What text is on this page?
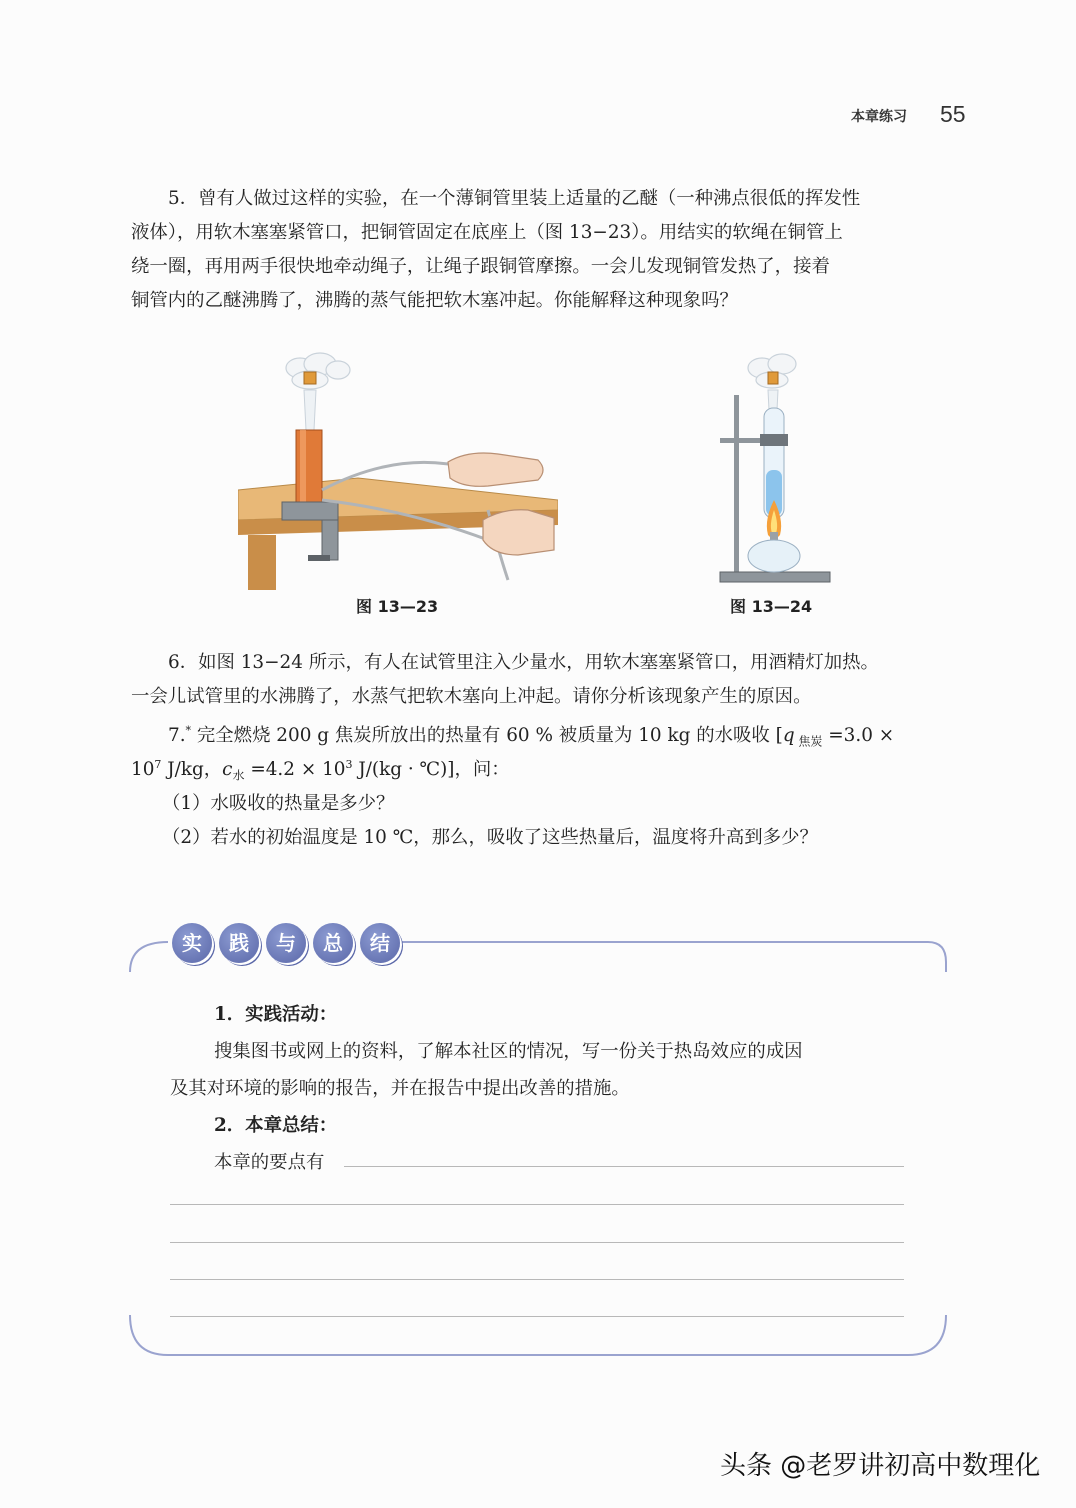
本章练习 55
5．曾有人做过这样的实验，在一个薄铜管里装上适量的乙醚（一种沸点很低的挥发性
液体），用软木塞塞紧管口，把铜管固定在底座上（图 13−23）。用结实的软绳在铜管上
绕一圈，再用两手很快地牵动绳子，让绳子跟铜管摩擦。一会儿发现铜管发热了，接着
铜管内的乙醚沸腾了，沸腾的蒸气能把软木塞冲起。你能解释这种现象吗？
图 13—23	图 13—24
6．如图 13−24 所示，有人在试管里注入少量水，用软木塞塞紧管口，用酒精灯加热。
一会儿试管里的水沸腾了，水蒸气把软木塞向上冲起。请你分析该现象产生的原因。
7.* 完全燃烧 200 g 焦炭所放出的热量有 60 % 被质量为 10 kg 的水吸收 [q $_{焦炭}$ =3.0 ×
$10^7$ J/kg，$c_水 =4.2 \times 10^3$ J/(kg · ℃)]，问：
（1）水吸收的热量是多少？
（2）若水的初始温度是 10 ℃，那么，吸收了这些热量后，温度将升高到多少？
实	践	与	总	结
1．实践活动：
搜集图书或网上的资料，了解本社区的情况，写一份关于热岛效应的成因
及其对环境的影响的报告，并在报告中提出改善的措施。
2．本章总结：
本章的要点有
头条 @老罗讲初高中数理化
